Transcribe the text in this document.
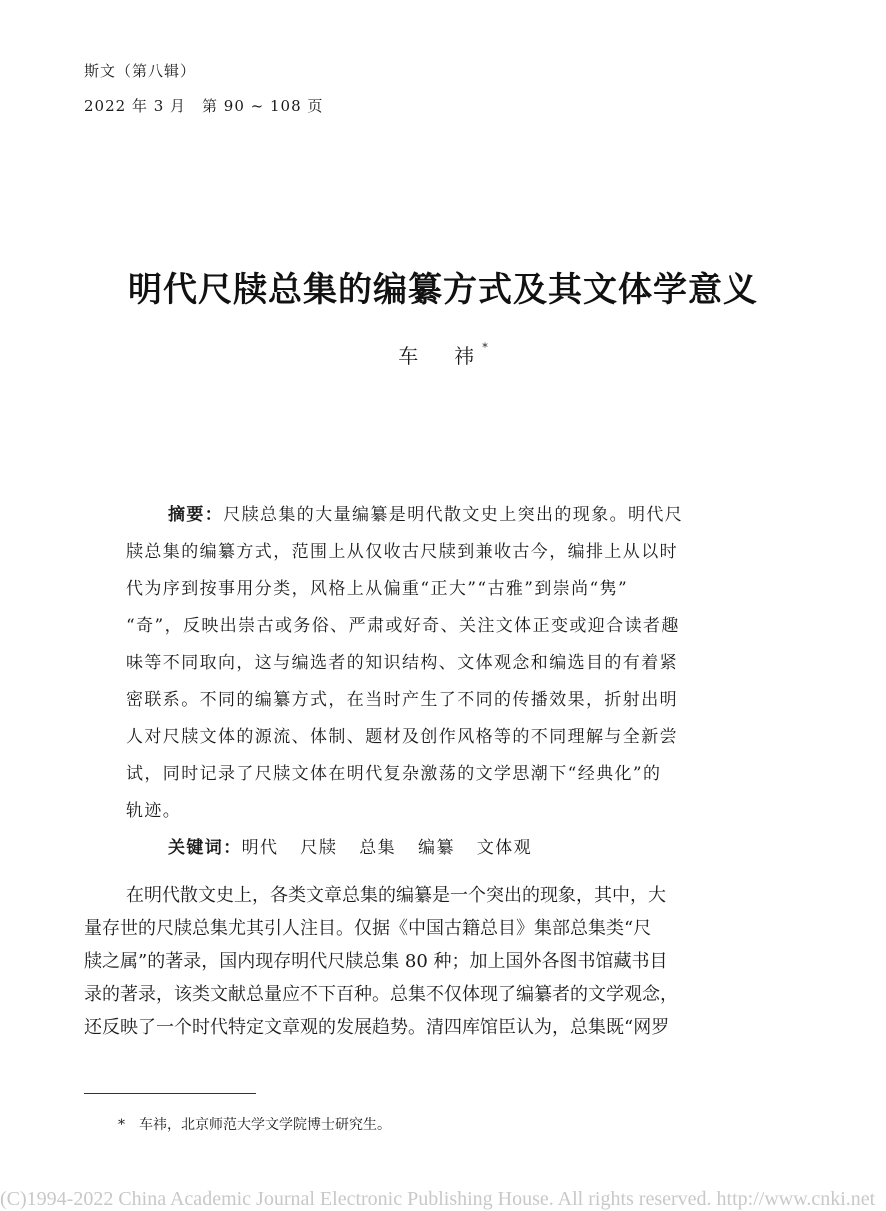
斯文（第八辑）
2022 年 3 月　第 90 ~ 108 页
明代尺牍总集的编纂方式及其文体学意义
车　祎*
摘要：尺牍总集的大量编纂是明代散文史上突出的现象。明代尺
牍总集的编纂方式，范围上从仅收古尺牍到兼收古今，编排上从以时
代为序到按事用分类，风格上从偏重“正大”“古雅”到崇尚“隽”
“奇”，反映出崇古或务俗、严肃或好奇、关注文体正变或迎合读者趣
味等不同取向，这与编选者的知识结构、文体观念和编选目的有着紧
密联系。不同的编纂方式，在当时产生了不同的传播效果，折射出明
人对尺牍文体的源流、体制、题材及创作风格等的不同理解与全新尝
试，同时记录了尺牍文体在明代复杂激荡的文学思潮下“经典化”的
轨迹。
关键词：明代 尺牍 总集 编纂 文体观
在明代散文史上，各类文章总集的编纂是一个突出的现象，其中，大
量存世的尺牍总集尤其引人注目。仅据《中国古籍总目》集部总集类“尺
牍之属”的著录，国内现存明代尺牍总集 80 种；加上国外各图书馆藏书目
录的著录，该类文献总量应不下百种。总集不仅体现了编纂者的文学观念，
还反映了一个时代特定文章观的发展趋势。清四库馆臣认为，总集既“网罗
* 车祎，北京师范大学文学院博士研究生。
(C)1994-2022 China Academic Journal Electronic Publishing House. All rights reserved. http://www.cnki.net
